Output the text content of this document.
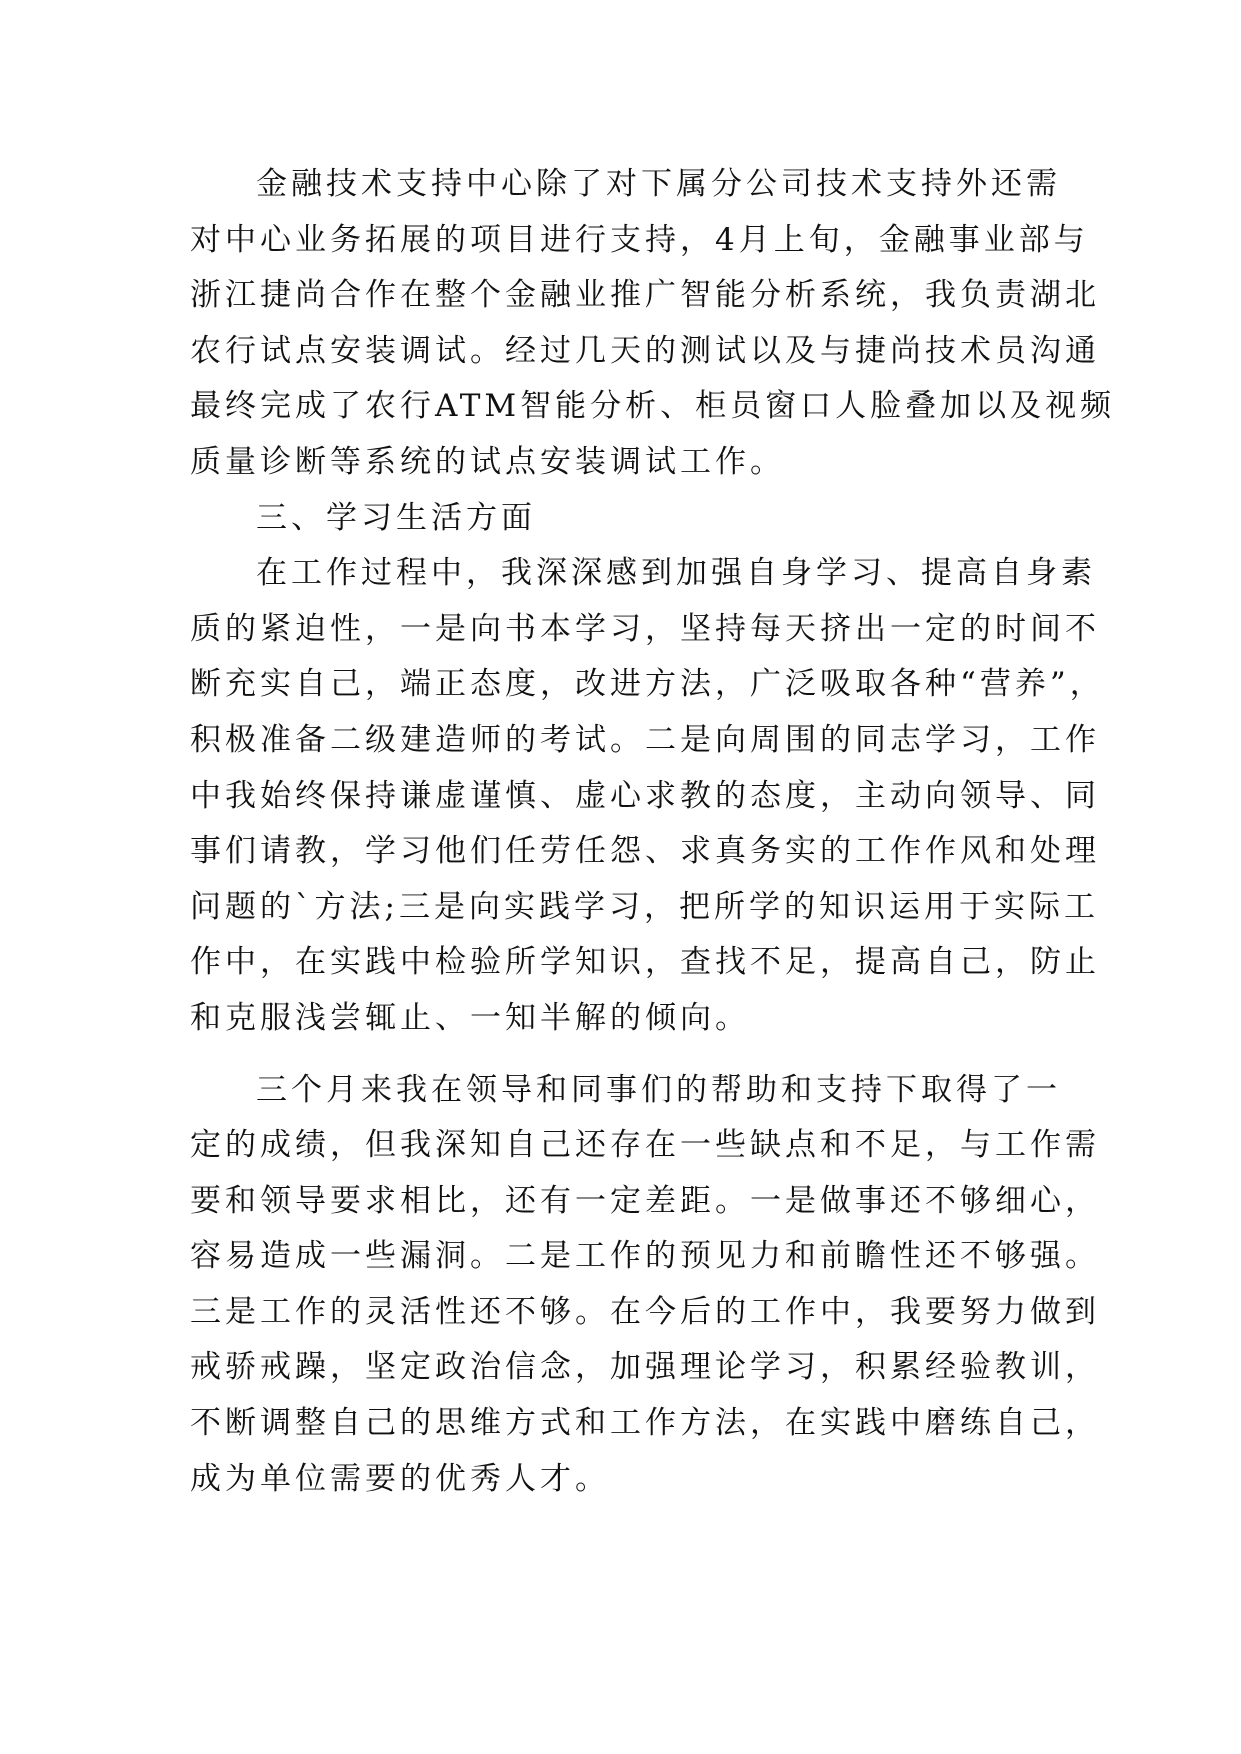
金融技术支持中心除了对下属分公司技术支持外还需
对中心业务拓展的项目进行支持，4月上旬，金融事业部与
浙江捷尚合作在整个金融业推广智能分析系统，我负责湖北
农行试点安装调试。经过几天的测试以及与捷尚技术员沟通
最终完成了农行ATM智能分析、柜员窗口人脸叠加以及视频
质量诊断等系统的试点安装调试工作。
三、学习生活方面
在工作过程中，我深深感到加强自身学习、提高自身素
质的紧迫性，一是向书本学习，坚持每天挤出一定的时间不
断充实自己，端正态度，改进方法，广泛吸取各种“营养”，
积极准备二级建造师的考试。二是向周围的同志学习，工作
中我始终保持谦虚谨慎、虚心求教的态度，主动向领导、同
事们请教，学习他们任劳任怨、求真务实的工作作风和处理
问题的`方法;三是向实践学习，把所学的知识运用于实际工
作中，在实践中检验所学知识，查找不足，提高自己，防止
和克服浅尝辄止、一知半解的倾向。
三个月来我在领导和同事们的帮助和支持下取得了一
定的成绩，但我深知自己还存在一些缺点和不足，与工作需
要和领导要求相比，还有一定差距。一是做事还不够细心，
容易造成一些漏洞。二是工作的预见力和前瞻性还不够强。
三是工作的灵活性还不够。在今后的工作中，我要努力做到
戒骄戒躁，坚定政治信念，加强理论学习，积累经验教训，
不断调整自己的思维方式和工作方法，在实践中磨练自己，
成为单位需要的优秀人才。
